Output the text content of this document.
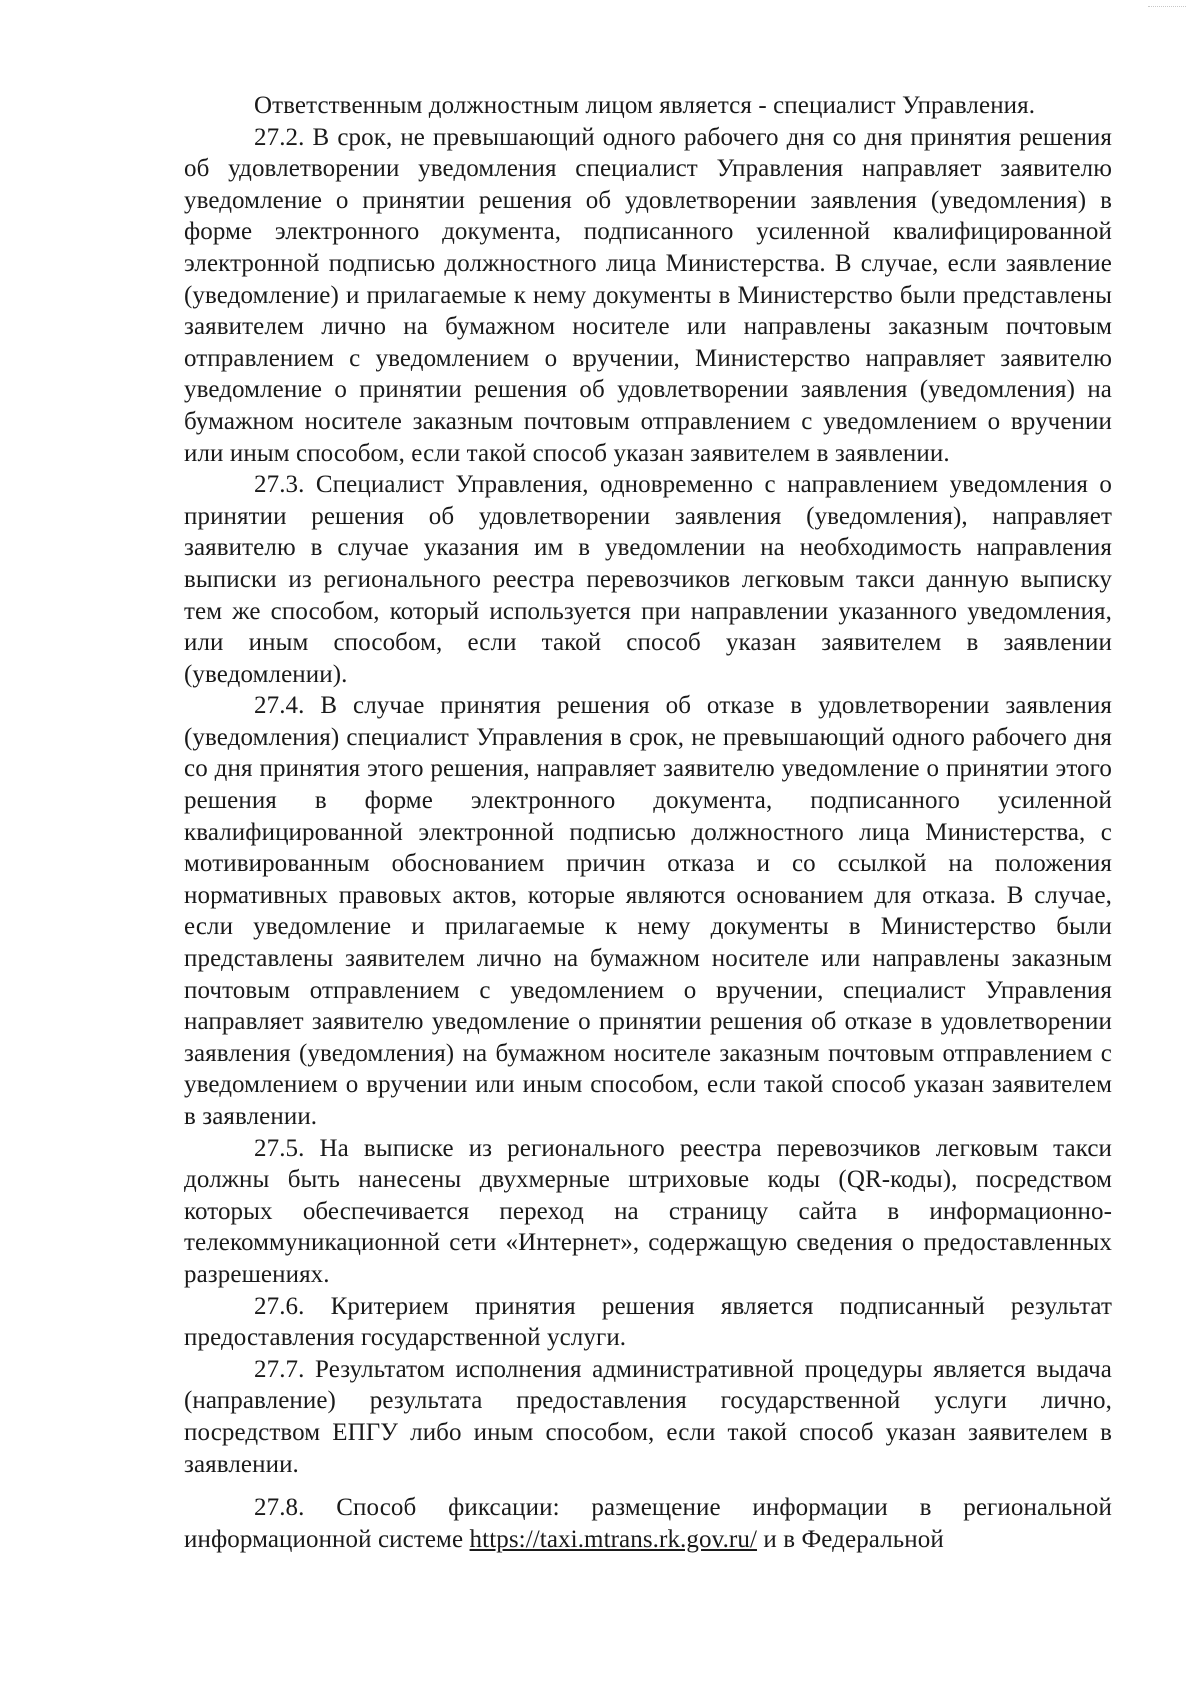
Ответственным должностным лицом является - специалист Управления.

27.2. В срок, не превышающий одного рабочего дня со дня принятия решения об удовлетворении уведомления специалист Управления направляет заявителю уведомление о принятии решения об удовлетворении заявления (уведомления) в форме электронного документа, подписанного усиленной квалифицированной электронной подписью должностного лица Министерства. В случае, если заявление (уведомление) и прилагаемые к нему документы в Министерство были представлены заявителем лично на бумажном носителе или направлены заказным почтовым отправлением с уведомлением о вручении, Министерство направляет заявителю уведомление о принятии решения об удовлетворении заявления (уведомления) на бумажном носителе заказным почтовым отправлением с уведомлением о вручении или иным способом, если такой способ указан заявителем в заявлении.

27.3. Специалист Управления, одновременно с направлением уведомления о принятии решения об удовлетворении заявления (уведомления), направляет заявителю в случае указания им в уведомлении на необходимость направления выписки из регионального реестра перевозчиков легковым такси данную выписку тем же способом, который используется при направлении указанного уведомления, или иным способом, если такой способ указан заявителем в заявлении (уведомлении).

27.4. В случае принятия решения об отказе в удовлетворении заявления (уведомления) специалист Управления в срок, не превышающий одного рабочего дня со дня принятия этого решения, направляет заявителю уведомление о принятии этого решения в форме электронного документа, подписанного усиленной квалифицированной электронной подписью должностного лица Министерства, с мотивированным обоснованием причин отказа и со ссылкой на положения нормативных правовых актов, которые являются основанием для отказа. В случае, если уведомление и прилагаемые к нему документы в Министерство были представлены заявителем лично на бумажном носителе или направлены заказным почтовым отправлением с уведомлением о вручении, специалист Управления направляет заявителю уведомление о принятии решения об отказе в удовлетворении заявления (уведомления) на бумажном носителе заказным почтовым отправлением с уведомлением о вручении или иным способом, если такой способ указан заявителем в заявлении.

27.5. На выписке из регионального реестра перевозчиков легковым такси должны быть нанесены двухмерные штриховые коды (QR-коды), посредством которых обеспечивается переход на страницу сайта в информационно-телекоммуникационной сети «Интернет», содержащую сведения о предоставленных разрешениях.

27.6. Критерием принятия решения является подписанный результат предоставления государственной услуги.

27.7. Результатом исполнения административной процедуры является выдача (направление) результата предоставления государственной услуги лично, посредством ЕПГУ либо иным способом, если такой способ указан заявителем в заявлении.

27.8. Способ фиксации: размещение информации в региональной информационной системе https://taxi.mtrans.rk.gov.ru/ и в Федеральной
